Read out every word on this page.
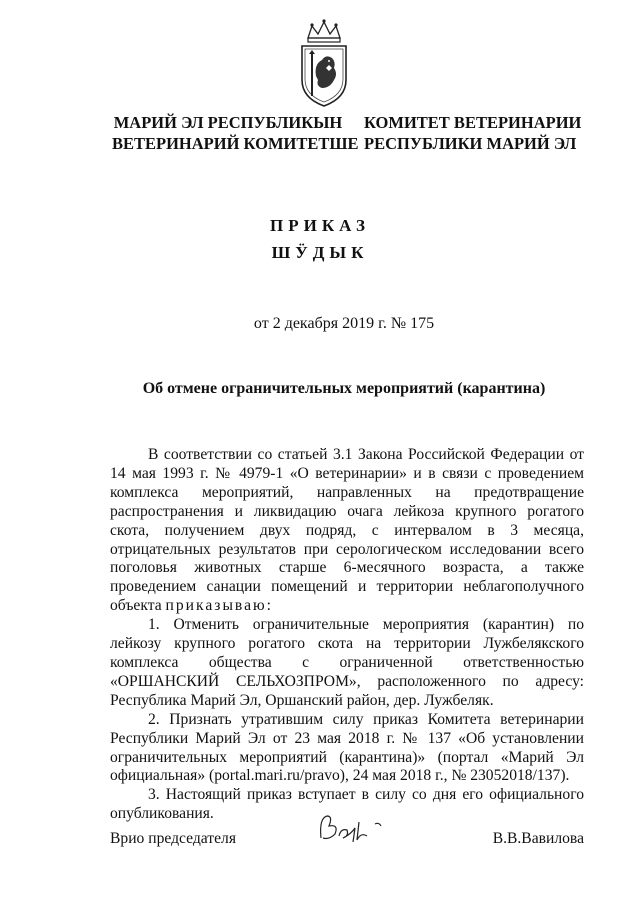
МАРИЙ ЭЛ РЕСПУБЛИКЫН
ВЕТЕРИНАРИЙ КОМИТЕТШЕ
КОМИТЕТ ВЕТЕРИНАРИИ
РЕСПУБЛИКИ МАРИЙ ЭЛ
ПРИКАЗ
ШӰДЫК
от 2 декабря 2019 г. № 175
Об отмене ограничительных мероприятий (карантина)

В соответствии со статьей 3.1 Закона Российской Федерации от 14 мая 1993 г. № 4979-1 «О ветеринарии» и в связи с проведением комплекса мероприятий, направленных на предотвращение распространения и ликвидацию очага лейкоза крупного рогатого скота, получением двух подряд, с интервалом в 3 месяца, отрицательных результатов при серологическом исследовании всего поголовья животных старше 6-месячного возраста, а также проведением санации помещений и территории неблагополучного объекта приказываю:

1. Отменить ограничительные мероприятия (карантин) по лейкозу крупного рогатого скота на территории Лужбелякского комплекса общества с ограниченной ответственностью «ОРШАНСКИЙ СЕЛЬХОЗПРОМ», расположенного по адресу: Республика Марий Эл, Оршанский район, дер. Лужбеляк.

2. Признать утратившим силу приказ Комитета ветеринарии Республики Марий Эл от 23 мая 2018 г. № 137 «Об установлении ограничительных мероприятий (карантина)» (портал «Марий Эл официальная» (portal.mari.ru/pravo), 24 мая 2018 г., № 23052018/137).

3. Настоящий приказ вступает в силу со дня его официального опубликования.

Врио председателя	В.В.Вавилова
